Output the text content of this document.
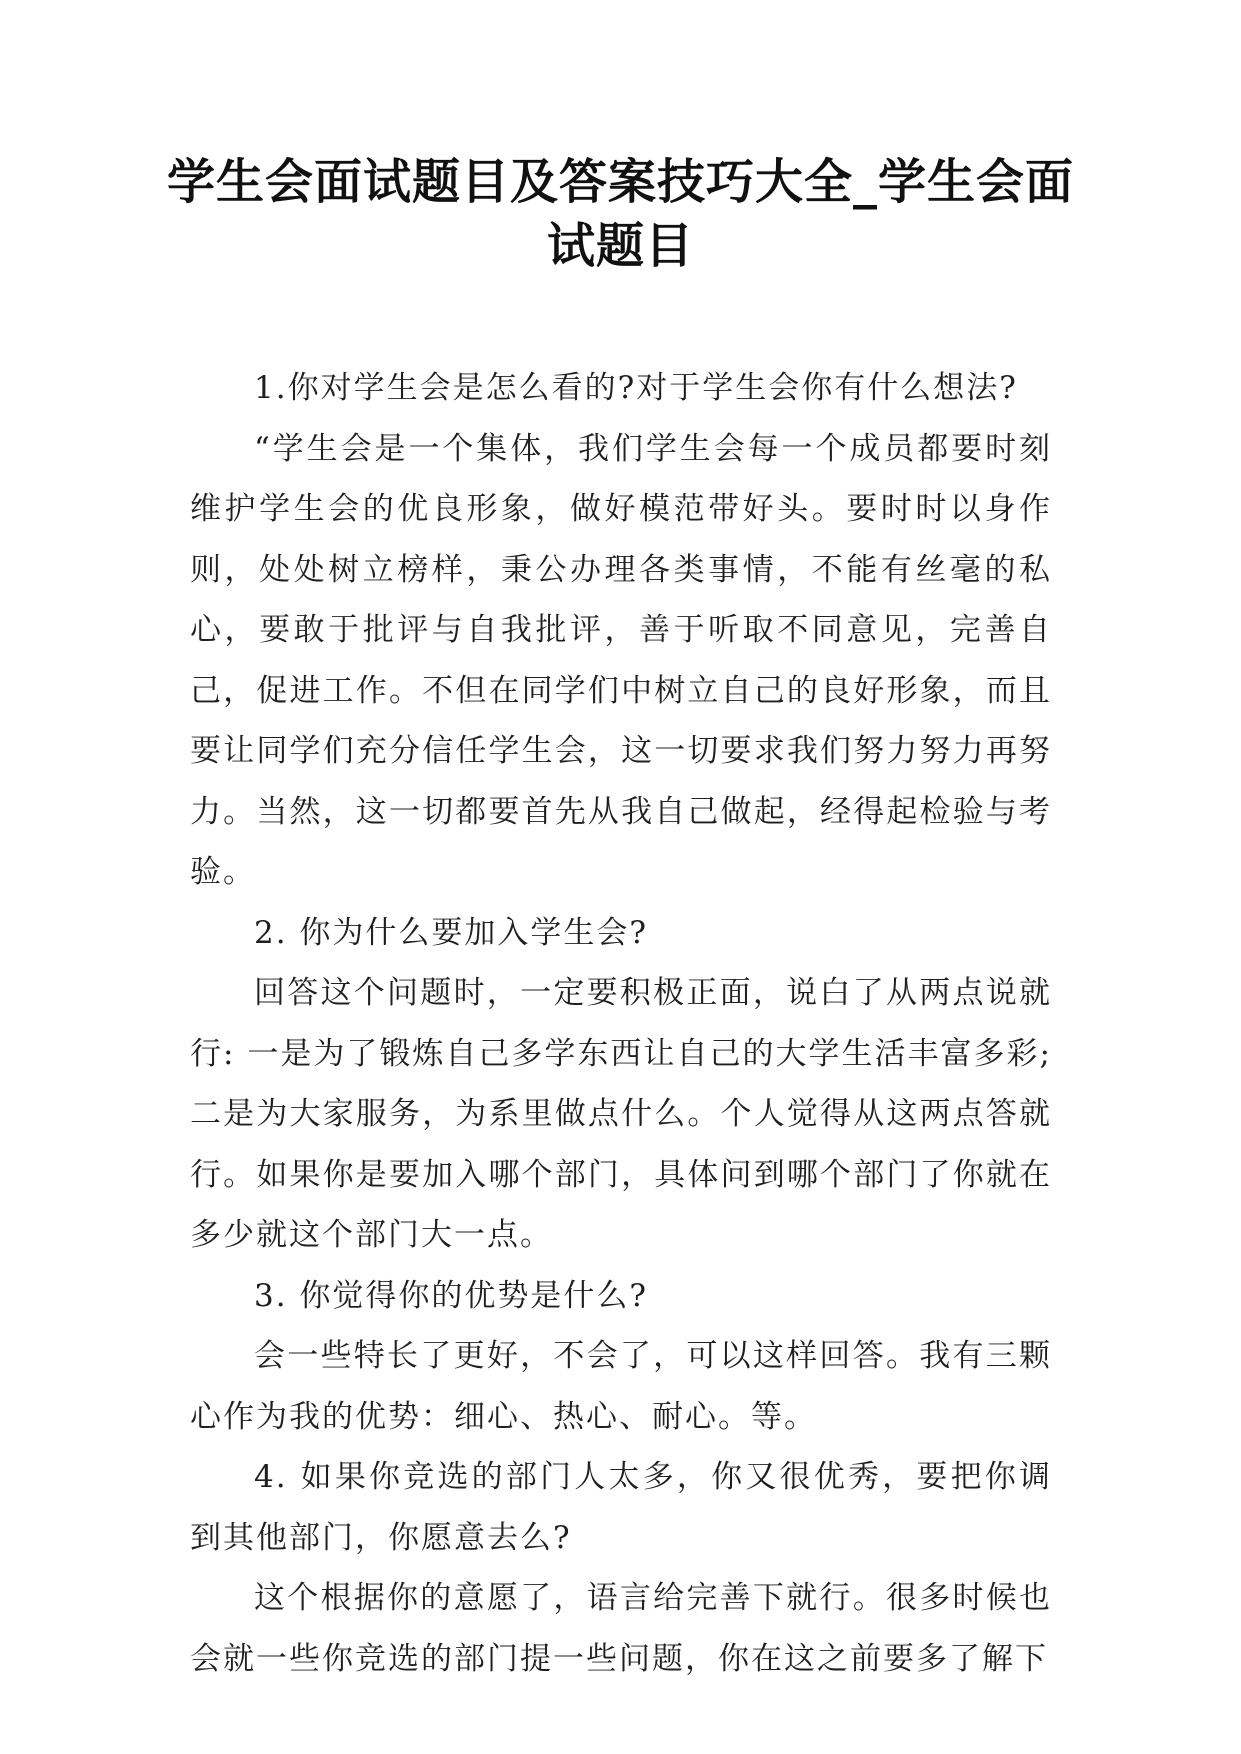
学生会面试题目及答案技巧大全_学生会面试题目

1.你对学生会是怎么看的?对于学生会你有什么想法?

“学生会是一个集体，我们学生会每一个成员都要时刻维护学生会的优良形象，做好模范带好头。要时时以身作则，处处树立榜样，秉公办理各类事情，不能有丝毫的私心，要敢于批评与自我批评，善于听取不同意见，完善自己，促进工作。不但在同学们中树立自己的良好形象，而且要让同学们充分信任学生会，这一切要求我们努力努力再努力。当然，这一切都要首先从我自己做起，经得起检验与考验。

2. 你为什么要加入学生会?

回答这个问题时，一定要积极正面，说白了从两点说就行: 一是为了锻炼自己多学东西让自己的大学生活丰富多彩; 二是为大家服务，为系里做点什么。个人觉得从这两点答就行。如果你是要加入哪个部门，具体问到哪个部门了你就在多少就这个部门大一点。

3. 你觉得你的优势是什么?

会一些特长了更好，不会了，可以这样回答。我有三颗心作为我的优势：细心、热心、耐心。等。

4. 如果你竞选的部门人太多，你又很优秀，要把你调到其他部门，你愿意去么?

这个根据你的意愿了，语言给完善下就行。很多时候也会就一些你竞选的部门提一些问题，你在这之前要多了解下
